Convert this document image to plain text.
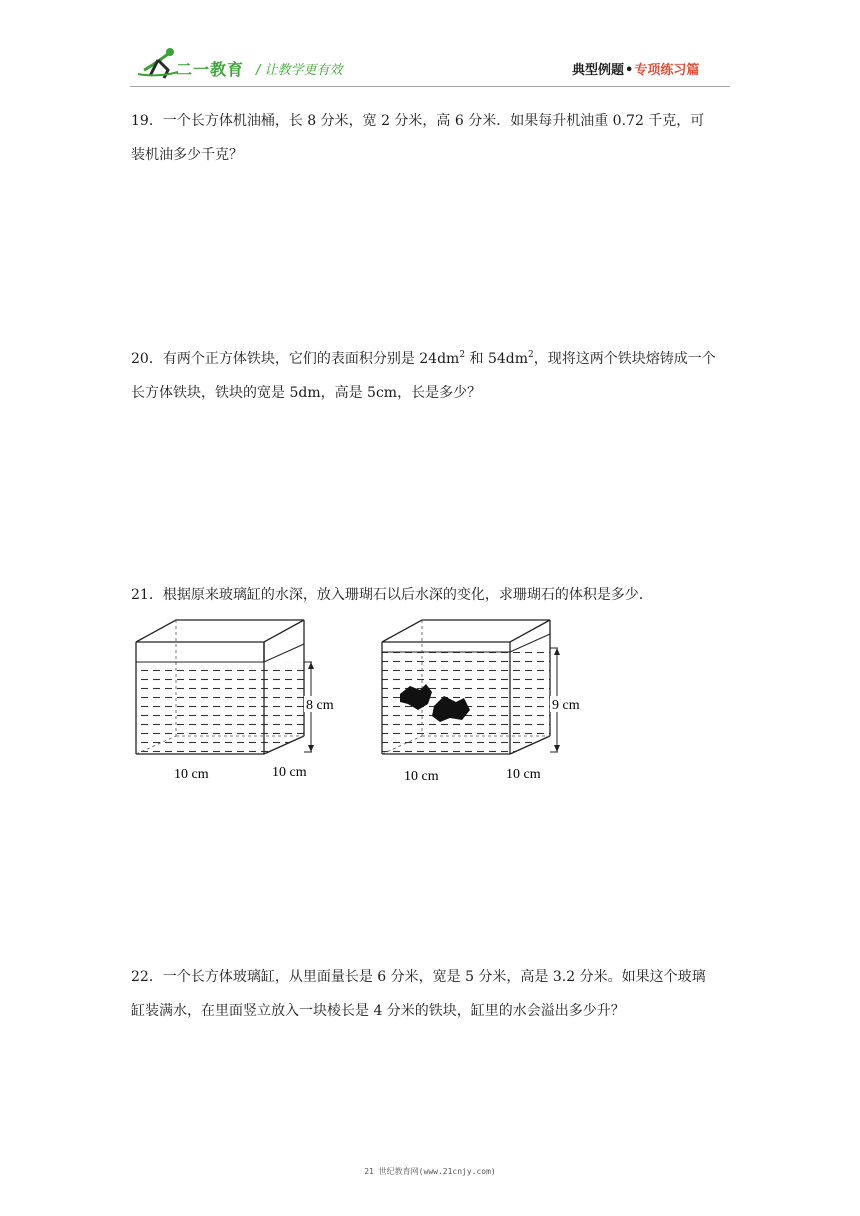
二一教育 / 让教学更有效	典型例题•专项练习篇

19．一个长方体机油桶，长 8 分米，宽 2 分米，高 6 分米．如果每升机油重 0.72 千克，可

装机油多少千克？

20．有两个正方体铁块，它们的表面积分别是 $24dm^2$ 和 $54dm^2$，现将这两个铁块熔铸成一个

长方体铁块，铁块的宽是 5dm，高是 5cm，长是多少？

21．根据原来玻璃缸的水深，放入珊瑚石以后水深的变化，求珊瑚石的体积是多少．

8 cm
10 cm	10 cm
9 cm
10 cm	10 cm

22．一个长方体玻璃缸，从里面量长是 6 分米，宽是 5 分米，高是 3.2 分米。如果这个玻璃

缸装满水，在里面竖立放入一块棱长是 4 分米的铁块，缸里的水会溢出多少升？

21 世纪教育网(www.21cnjy.com)
